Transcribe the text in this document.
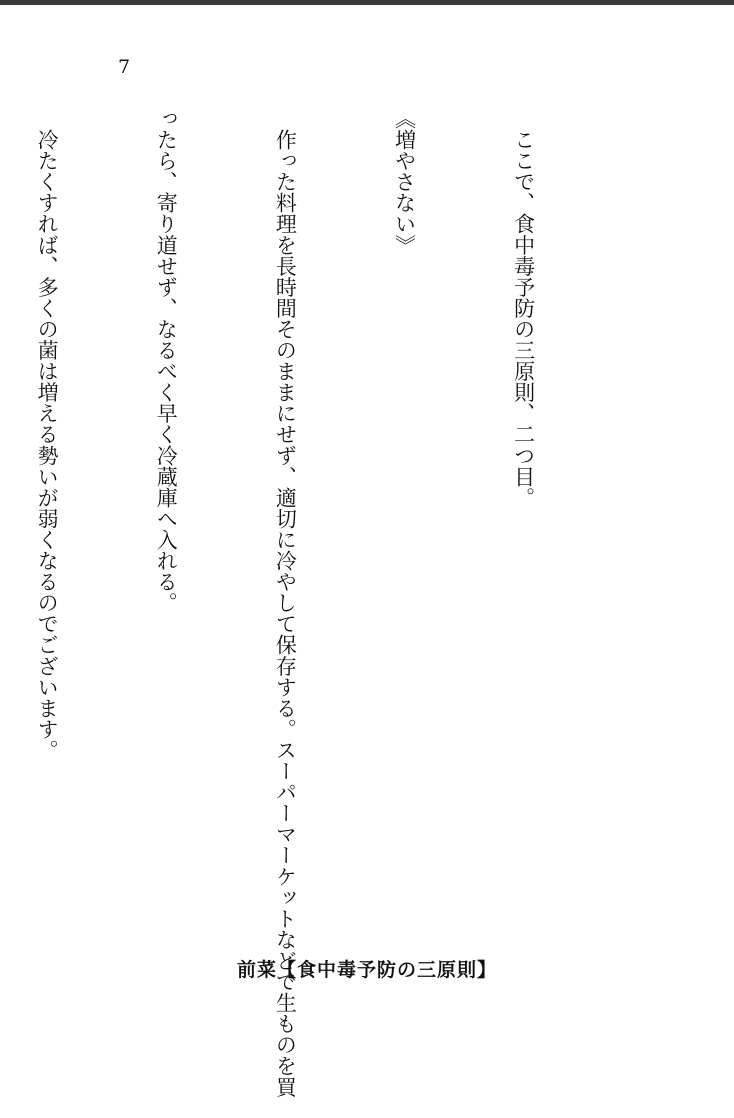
7

　ここで、食中毒予防の三原則、二つ目。

《増やさない》

　作った料理を長時間そのままにせず、適切に冷やして保存する。スーパーマーケットなどで生ものを買

ったら、寄り道せず、なるべく早く冷蔵庫へ入れる。

　冷たくすれば、多くの菌は増える勢いが弱くなるのでございます。

前菜【食中毒予防の三原則】
